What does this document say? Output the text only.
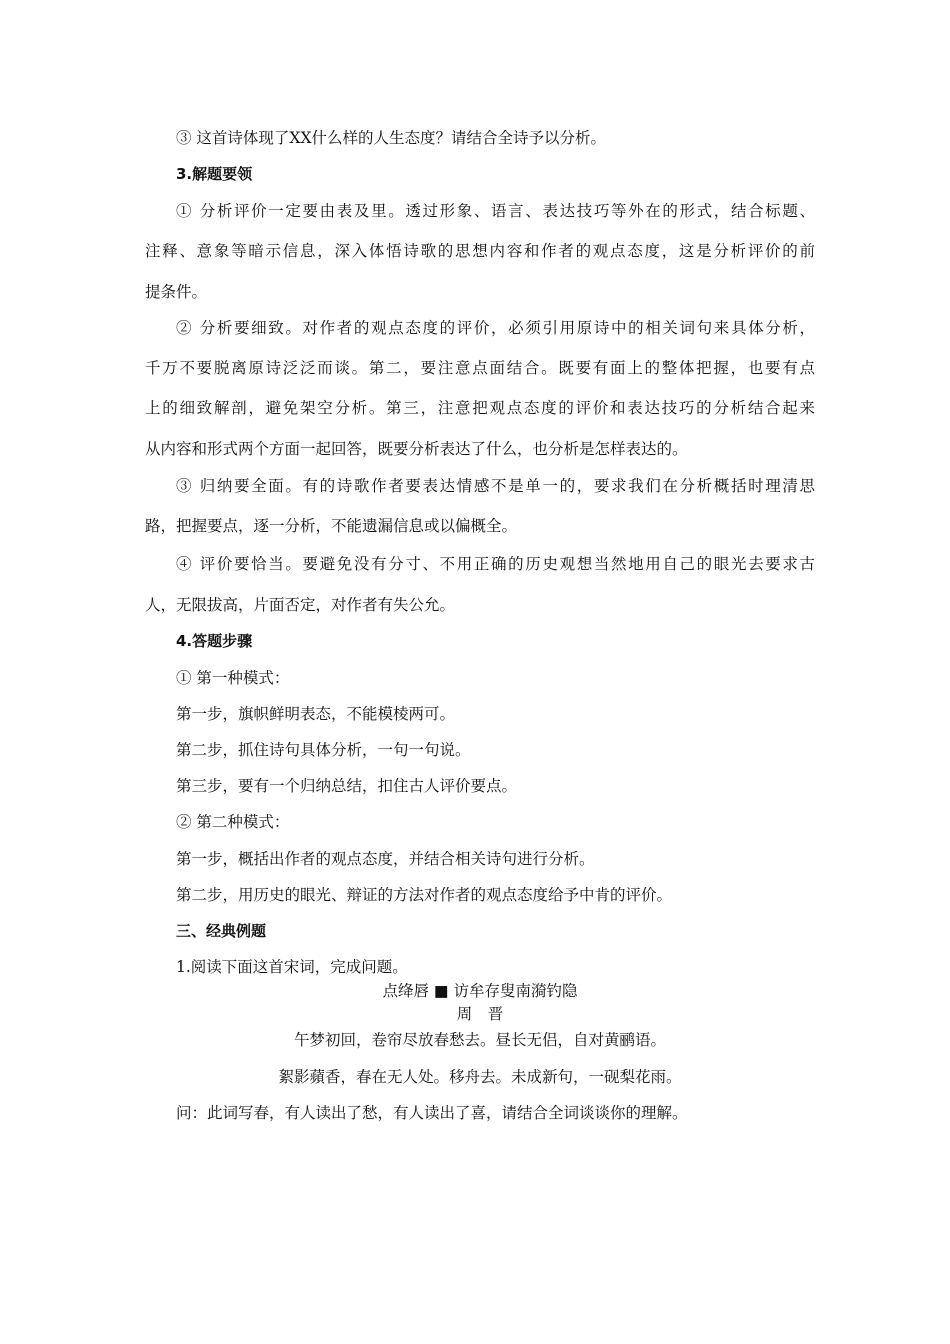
③ 这首诗体现了XX什么样的人生态度？请结合全诗予以分析。
3.解题要领
① 分析评价一定要由表及里。透过形象、语言、表达技巧等外在的形式，结合标题、
注释、意象等暗示信息，深入体悟诗歌的思想内容和作者的观点态度，这是分析评价的前
提条件。
② 分析要细致。对作者的观点态度的评价，必须引用原诗中的相关词句来具体分析，
千万不要脱离原诗泛泛而谈。第二，要注意点面结合。既要有面上的整体把握，也要有点
上的细致解剖，避免架空分析。第三，注意把观点态度的评价和表达技巧的分析结合起来
从内容和形式两个方面一起回答，既要分析表达了什么，也分析是怎样表达的。
③ 归纳要全面。有的诗歌作者要表达情感不是单一的，要求我们在分析概括时理清思
路，把握要点，逐一分析，不能遗漏信息或以偏概全。
④ 评价要恰当。要避免没有分寸、不用正确的历史观想当然地用自己的眼光去要求古
人，无限拔高，片面否定，对作者有失公允。
4.答题步骤
① 第一种模式：
第一步，旗帜鲜明表态，不能模棱两可。
第二步，抓住诗句具体分析，一句一句说。
第三步，要有一个归纳总结，扣住古人评价要点。
② 第二种模式：
第一步，概括出作者的观点态度，并结合相关诗句进行分析。
第二步，用历史的眼光、辩证的方法对作者的观点态度给予中肯的评价。
三、经典例题
1.阅读下面这首宋词，完成问题。
点绛唇 ■ 访牟存叟南漪钓隐
周　晋
午梦初回，卷帘尽放春愁去。昼长无侣，自对黄鹂语。
絮影蘋香，春在无人处。移舟去。未成新句，一砚梨花雨。
问：此词写春，有人读出了愁，有人读出了喜，请结合全词谈谈你的理解。
